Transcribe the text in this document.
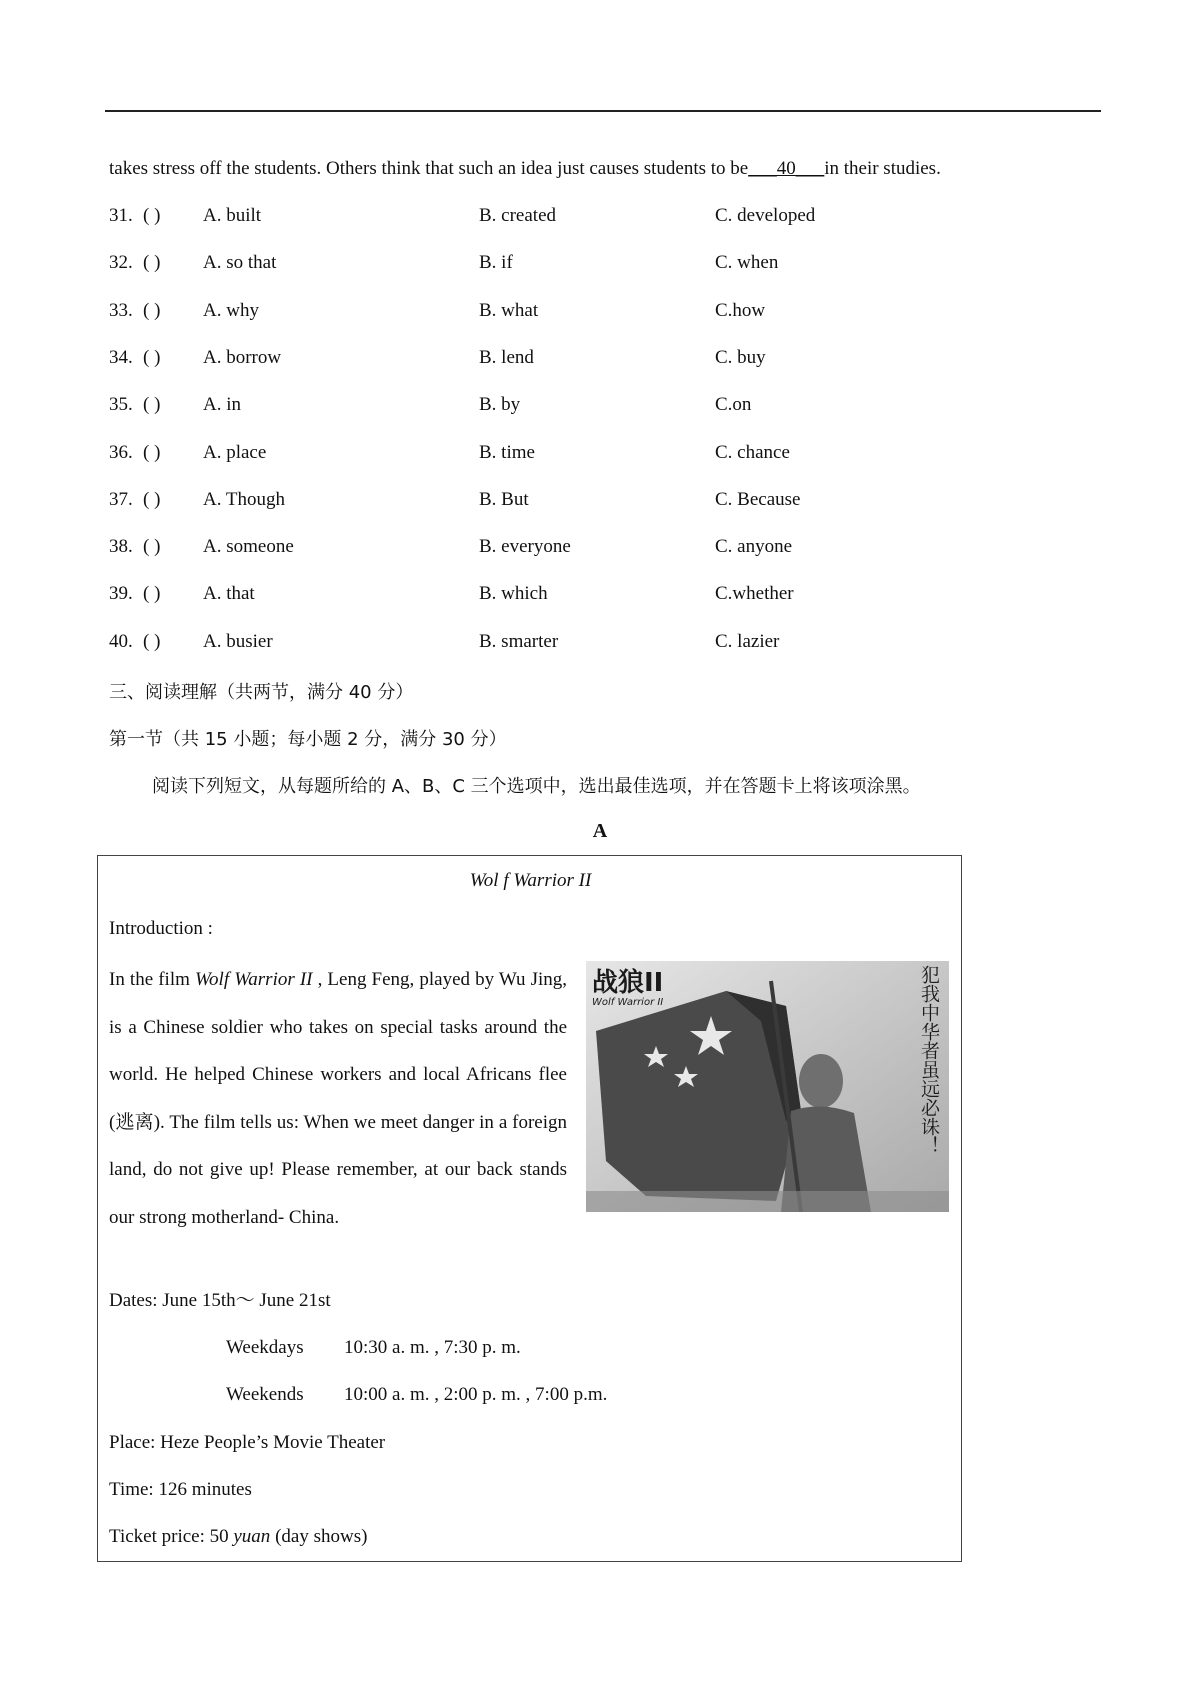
takes stress off the students. Others think that such an idea just causes students to be___40___in their studies.
31. ( ) A. built	B. created	C. developed
32. ( ) A. so that	B. if	C. when
33. ( ) A. why	B. what	C.how
34. ( ) A. borrow	B. lend	C. buy
35. ( ) A. in	B. by	C.on
36. ( ) A. place	B. time	C. chance
37. ( ) A. Though	B. But	C. Because
38. ( ) A. someone	B. everyone	C. anyone
39. ( ) A. that	B. which	C.whether
40. ( ) A. busier	B. smarter	C. lazier
三、阅读理解（共两节，满分 40 分）
第一节（共 15 小题；每小题 2 分，满分 30 分）
阅读下列短文，从每题所给的 A、B、C 三个选项中，选出最佳选项，并在答题卡上将该项涂黑。
A
Wol f Warrior II
Introduction :
In the film Wolf Warrior II , Leng Feng, played by Wu Jing, is a Chinese soldier who takes on special tasks around the world. He helped Chinese workers and local Africans flee (逃离). The film tells us: When we meet danger in a foreign land, do not give up! Please remember, at our back stands our strong motherland- China.
战狼II
Wolf Warrior II	犯我中华者虽远必诛！
Dates: June 15th～ June 21st
Weekdays 10:30 a. m. , 7:30 p. m.
Weekends 10:00 a. m. , 2:00 p. m. , 7:00 p.m.
Place: Heze People’s Movie Theater
Time: 126 minutes
Ticket price: 50 yuan (day shows)
